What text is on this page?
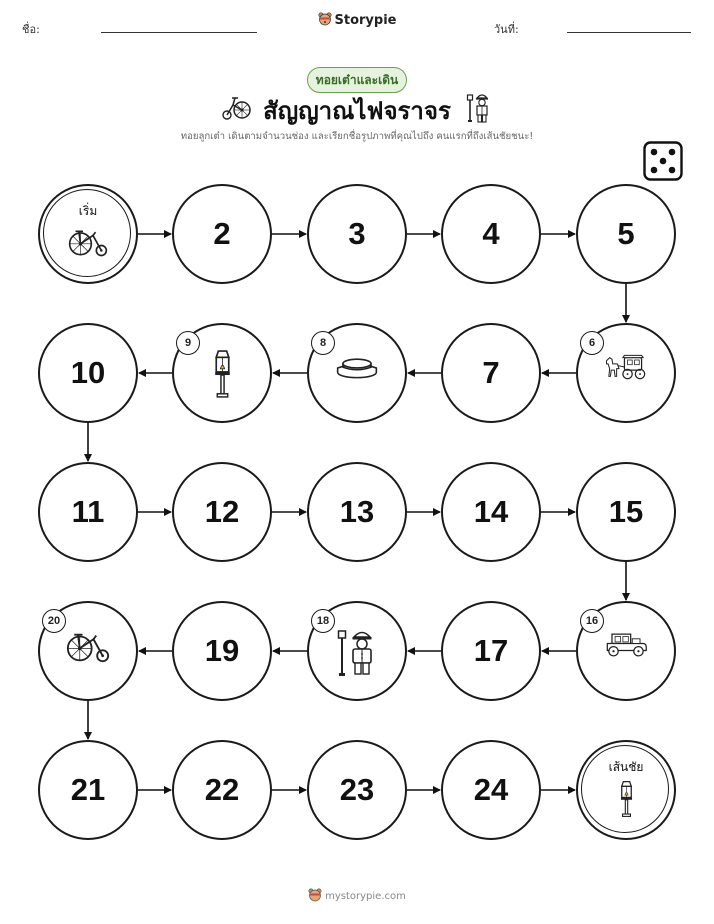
ชื่อ:
Storypie
วันที่:
ทอยเต๋าและเดิน
สัญญาณไฟจราจร
ทอยลูกเต๋า เดินตามจำนวนช่อง และเรียกชื่อรูปภาพที่คุณไปถึง คนแรกที่ถึงเส้นชัยชนะ!
เริ่ม
2	3	4	5
6
7
8
9
10
11	12	13	14	15
16
17
18
19
20
21	22	23	24
เส้นชัย
mystorypie.com
